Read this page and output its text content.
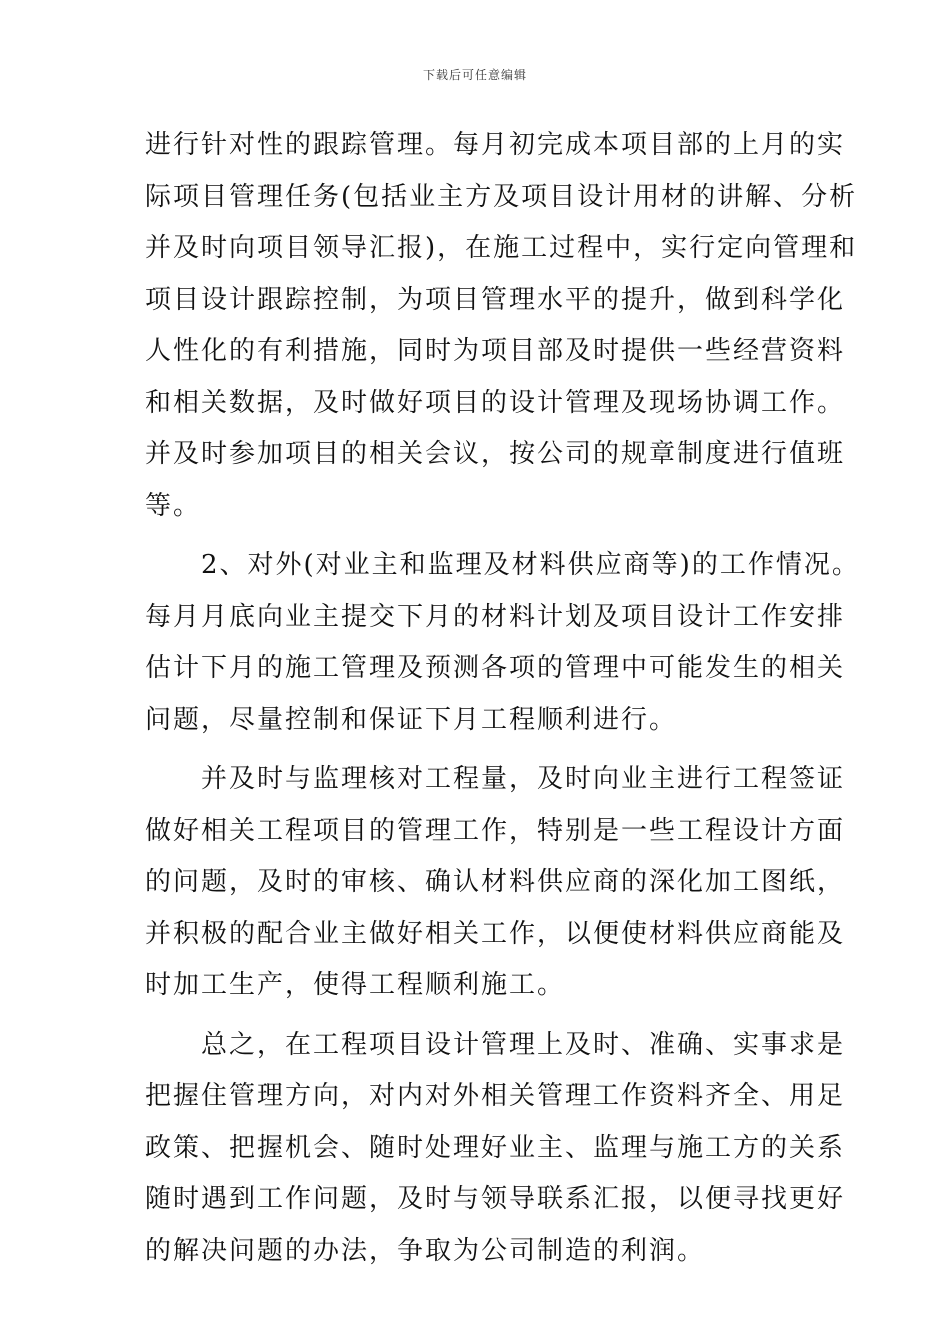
下载后可任意编辑
进行针对性的跟踪管理。每月初完成本项目部的上月的实
际项目管理任务(包括业主方及项目设计用材的讲解、分析
并及时向项目领导汇报)，在施工过程中，实行定向管理和
项目设计跟踪控制，为项目管理水平的提升，做到科学化
人性化的有利措施，同时为项目部及时提供一些经营资料
和相关数据，及时做好项目的设计管理及现场协调工作。
并及时参加项目的相关会议，按公司的规章制度进行值班
等。
　　2、对外(对业主和监理及材料供应商等)的工作情况。
每月月底向业主提交下月的材料计划及项目设计工作安排
估计下月的施工管理及预测各项的管理中可能发生的相关
问题，尽量控制和保证下月工程顺利进行。
　　并及时与监理核对工程量，及时向业主进行工程签证
做好相关工程项目的管理工作，特别是一些工程设计方面
的问题，及时的审核、确认材料供应商的深化加工图纸，
并积极的配合业主做好相关工作，以便使材料供应商能及
时加工生产，使得工程顺利施工。
　　总之，在工程项目设计管理上及时、准确、实事求是
把握住管理方向，对内对外相关管理工作资料齐全、用足
政策、把握机会、随时处理好业主、监理与施工方的关系
随时遇到工作问题，及时与领导联系汇报，以便寻找更好
的解决问题的办法，争取为公司制造的利润。
